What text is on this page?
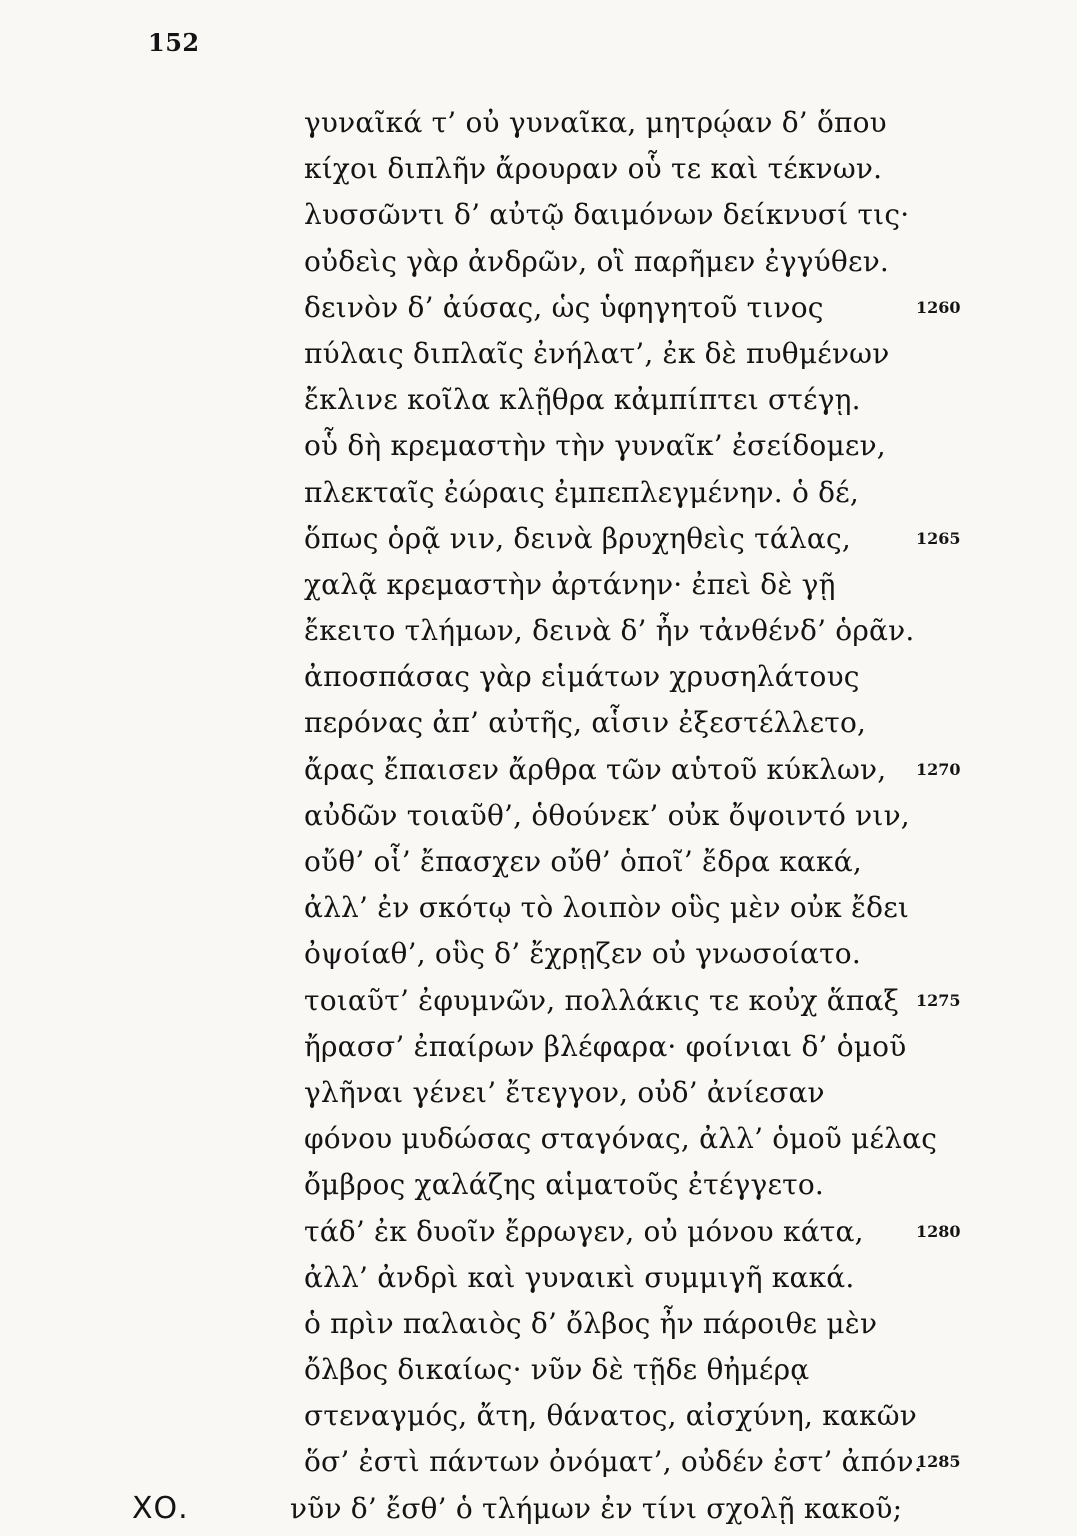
152
γυναῖκά τ’ οὐ γυναῖκα, μητρῴαν δ’ ὅπου
κίχοι διπλῆν ἄρουραν οὗ τε καὶ τέκνων.
λυσσῶντι δ’ αὐτῷ δαιμόνων δείκνυσί τις·
οὐδεὶς γὰρ ἀνδρῶν, οἳ παρῆμεν ἐγγύθεν.
δεινὸν δ’ ἀύσας, ὡς ὑφηγητοῦ τινος	1260
πύλαις διπλαῖς ἐνήλατ’, ἐκ δὲ πυθμένων
ἔκλινε κοῖλα κλῇθρα κἀμπίπτει στέγῃ.
οὗ δὴ κρεμαστὴν τὴν γυναῖκ’ ἐσείδομεν,
πλεκταῖς ἐώραις ἐμπεπλεγμένην. ὁ δέ,
ὅπως ὁρᾷ νιν, δεινὰ βρυχηθεὶς τάλας,	1265
χαλᾷ κρεμαστὴν ἀρτάνην· ἐπεὶ δὲ γῇ
ἔκειτο τλήμων, δεινὰ δ’ ἦν τἀνθένδ’ ὁρᾶν.
ἀποσπάσας γὰρ εἱμάτων χρυσηλάτους
περόνας ἀπ’ αὐτῆς, αἷσιν ἐξεστέλλετο,
ἄρας ἔπαισεν ἄρθρα τῶν αὑτοῦ κύκλων, 1270
αὐδῶν τοιαῦθ’, ὁθούνεκ’ οὐκ ὄψοιντό νιν,
οὔθ’ οἷ’ ἔπασχεν οὔθ’ ὁποῖ’ ἔδρα κακά,
ἀλλ’ ἐν σκότῳ τὸ λοιπὸν οὓς μὲν οὐκ ἔδει
ὀψοίαθ’, οὓς δ’ ἔχρῃζεν οὐ γνωσοίατο.
τοιαῦτ’ ἐφυμνῶν, πολλάκις τε κοὐχ ἅπαξ 1275
ἤρασσ’ ἐπαίρων βλέφαρα· φοίνιαι δ’ ὁμοῦ
γλῆναι γένει’ ἔτεγγον, οὐδ’ ἀνίεσαν
φόνου μυδώσας σταγόνας, ἀλλ’ ὁμοῦ μέλας
ὄμβρος χαλάζης αἱματοῦς ἐτέγγετο.
τάδ’ ἐκ δυοῖν ἔρρωγεν, οὐ μόνου κάτα,	1280
ἀλλ’ ἀνδρὶ καὶ γυναικὶ συμμιγῆ κακά.
ὁ πρὶν παλαιὸς δ’ ὄλβος ἦν πάροιθε μὲν
ὄλβος δικαίως· νῦν δὲ τῇδε θἠμέρᾳ
στεναγμός, ἄτη, θάνατος, αἰσχύνη, κακῶν
ὅσ’ ἐστὶ πάντων ὀνόματ’, οὐδέν ἐστ’ ἀπόν.
1285
ΧΟ.	νῦν δ’ ἔσθ’ ὁ τλήμων ἐν τίνι σχολῇ κακοῦ;
